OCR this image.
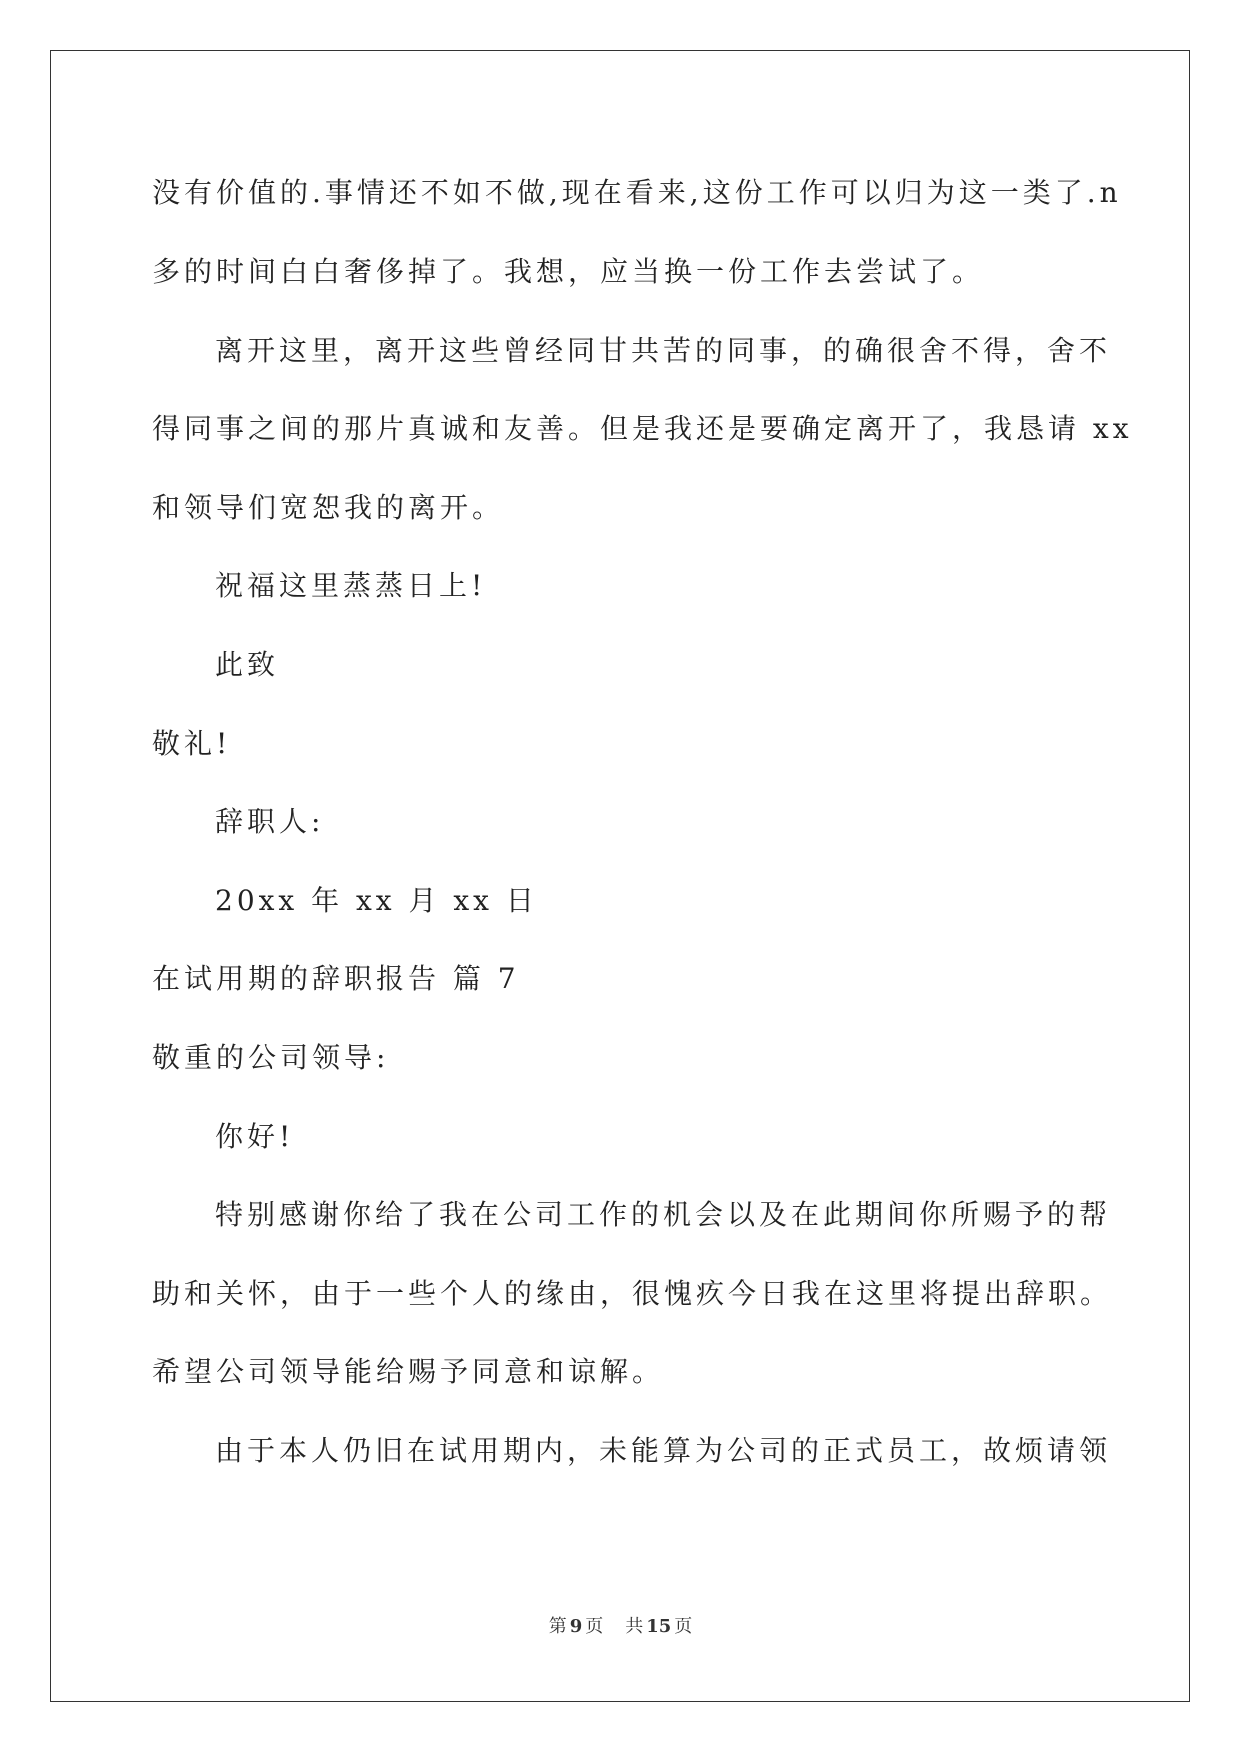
没有价值的.事情还不如不做,现在看来,这份工作可以归为这一类了.n
多的时间白白奢侈掉了。我想，应当换一份工作去尝试了。
离开这里，离开这些曾经同甘共苦的同事，的确很舍不得，舍不
得同事之间的那片真诚和友善。但是我还是要确定离开了，我恳请 xx
和领导们宽恕我的离开。
祝福这里蒸蒸日上!
此致
敬礼!
辞职人:
20xx 年 xx 月 xx 日
在试用期的辞职报告 篇 7
敬重的公司领导:
你好!
特别感谢你给了我在公司工作的机会以及在此期间你所赐予的帮
助和关怀，由于一些个人的缘由，很愧疚今日我在这里将提出辞职。
希望公司领导能给赐予同意和谅解。
由于本人仍旧在试用期内，未能算为公司的正式员工，故烦请领
第 9 页 共 15 页
